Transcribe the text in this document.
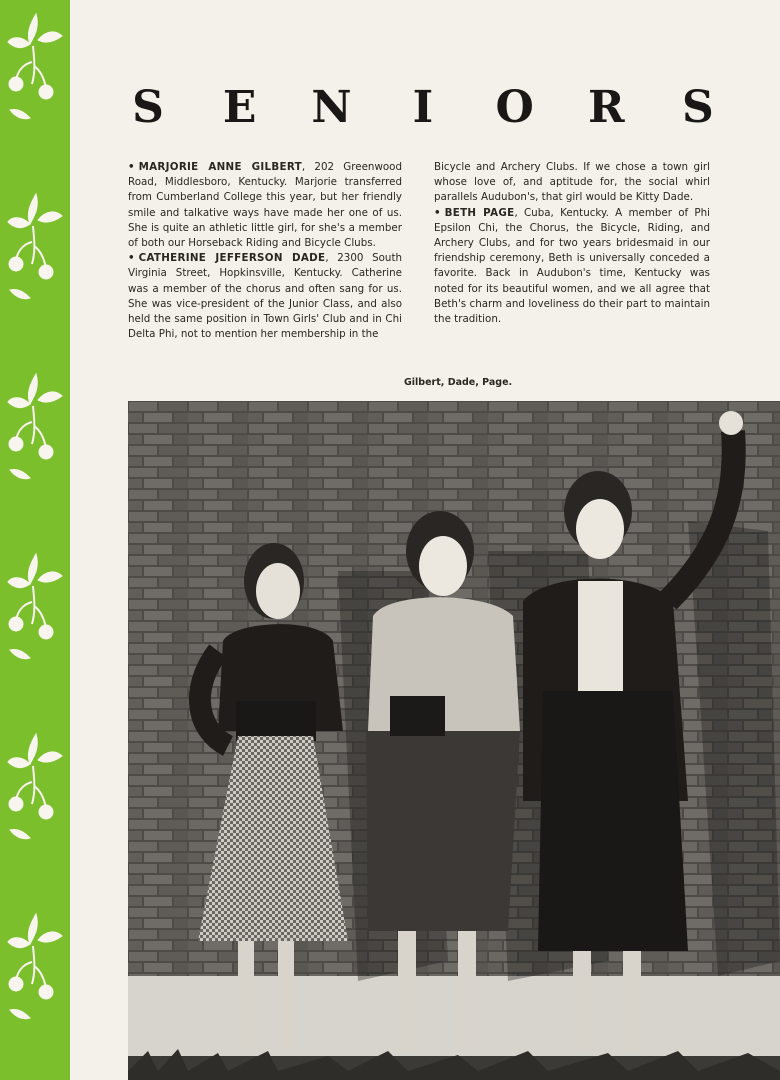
S E N I O R S

• MARJORIE ANNE GILBERT, 202 Greenwood Road, Middlesboro, Kentucky. Marjorie transferred from Cumberland College this year, but her friendly smile and talkative ways have made her one of us. She is quite an athletic little girl, for she's a member of both our Horseback Riding and Bicycle Clubs.

• CATHERINE JEFFERSON DADE, 2300 South Virginia Street, Hopkinsville, Kentucky. Catherine was a member of the chorus and often sang for us. She was vice-president of the Junior Class, and also held the same position in Town Girls' Club and in Chi Delta Phi, not to mention her membership in the

Bicycle and Archery Clubs. If we chose a town girl whose love of, and aptitude for, the social whirl parallels Audubon's, that girl would be Kitty Dade.

• BETH PAGE, Cuba, Kentucky. A member of Phi Epsilon Chi, the Chorus, the Bicycle, Riding, and Archery Clubs, and for two years bridesmaid in our friendship ceremony, Beth is universally conceded a favorite. Back in Audubon's time, Kentucky was noted for its beautiful women, and we all agree that Beth's charm and loveliness do their part to maintain the tradition.

Gilbert, Dade, Page.
